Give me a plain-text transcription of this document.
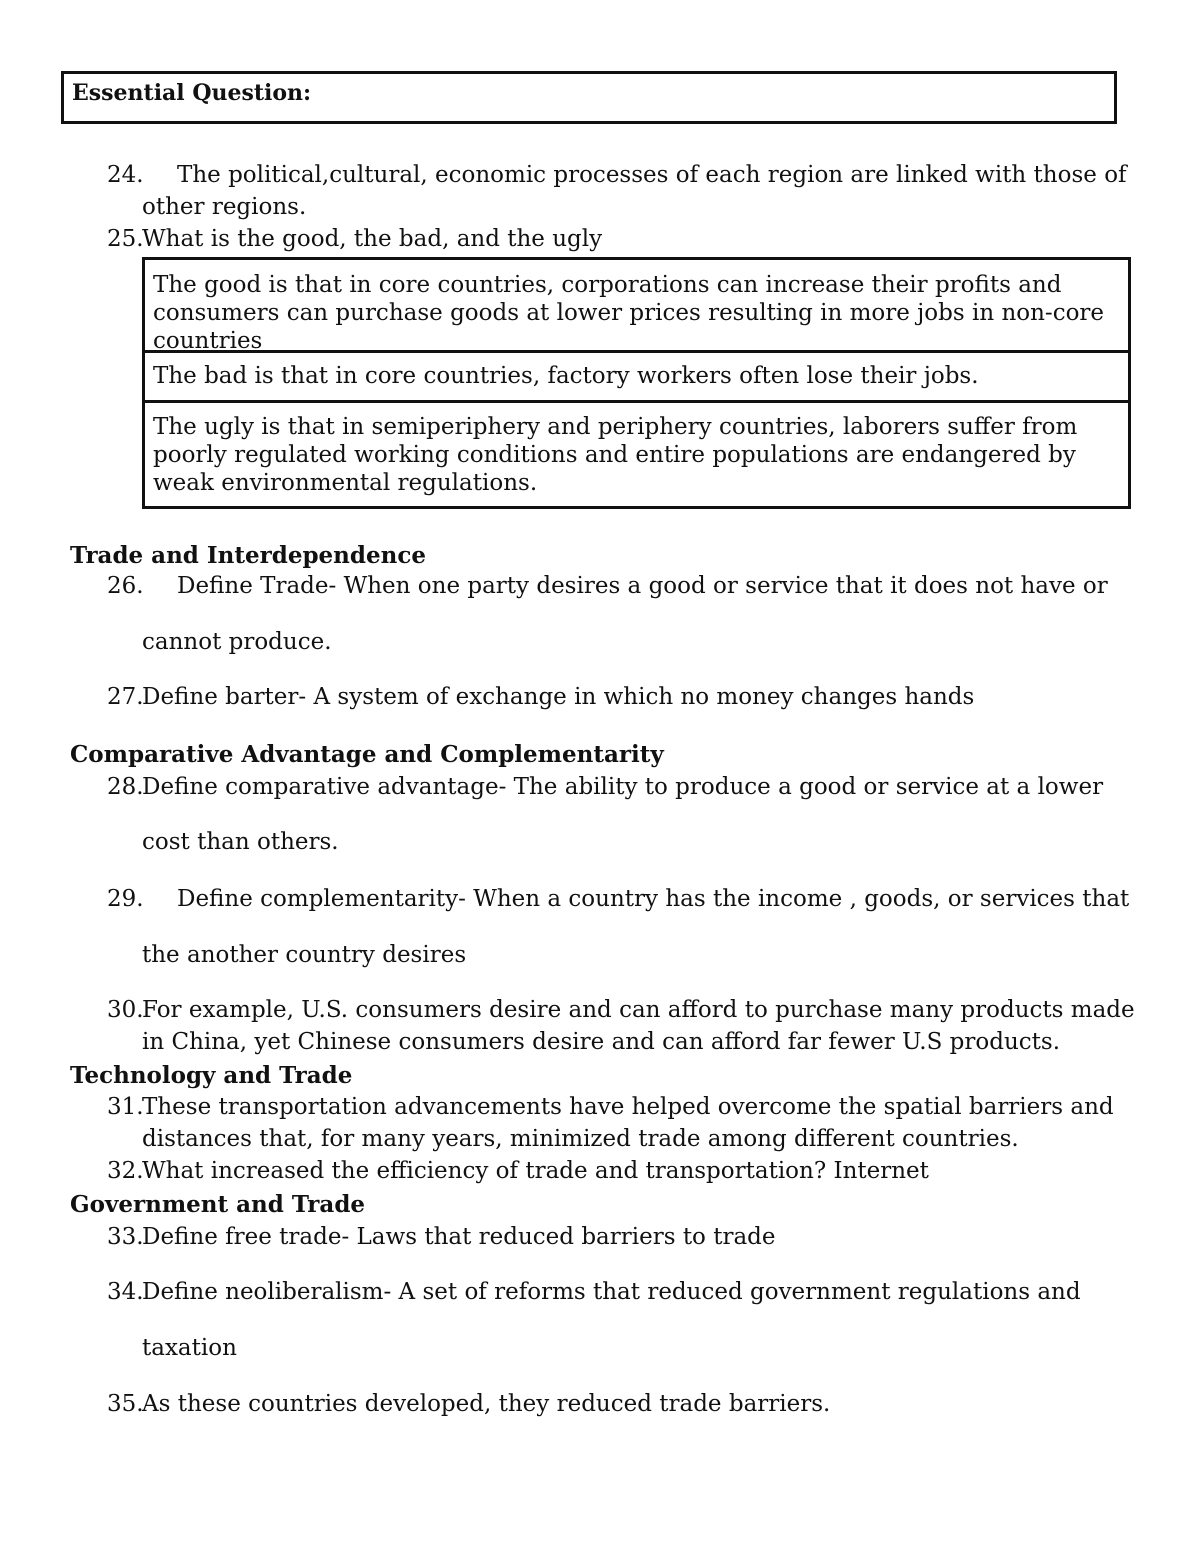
Essential Question:
24. The political,cultural, economic processes of each region are linked with those of
other regions.
25.
What is the good, the bad, and the ugly
The good is that in core countries, corporations can increase their profits and consumers can purchase goods at lower prices resulting in more jobs in non-core countries
The bad is that in core countries, factory workers often lose their jobs.
The ugly is that in semiperiphery and periphery countries, laborers suffer from poorly regulated working conditions and entire populations are endangered by weak environmental regulations.
Trade and Interdependence
26. Define Trade- When one party desires a good or service that it does not have or
cannot produce.
27.
Define barter- A system of exchange in which no money changes hands
Comparative Advantage and Complementarity
28.
Define comparative advantage- The ability to produce a good or service at a lower
cost than others.
29. Define complementarity- When a country has the income , goods, or services that
the another country desires
30.
For example, U.S. consumers desire and can afford to purchase many products made
in China, yet Chinese consumers desire and can afford far fewer U.S products.
Technology and Trade
31.
These transportation advancements have helped overcome the spatial barriers and
distances that, for many years, minimized trade among different countries.
32.
What increased the efficiency of trade and transportation? Internet
Government and Trade
33.
Define free trade- Laws that reduced barriers to trade
34.
Define neoliberalism- A set of reforms that reduced government regulations and
taxation
35.
As these countries developed, they reduced trade barriers.
